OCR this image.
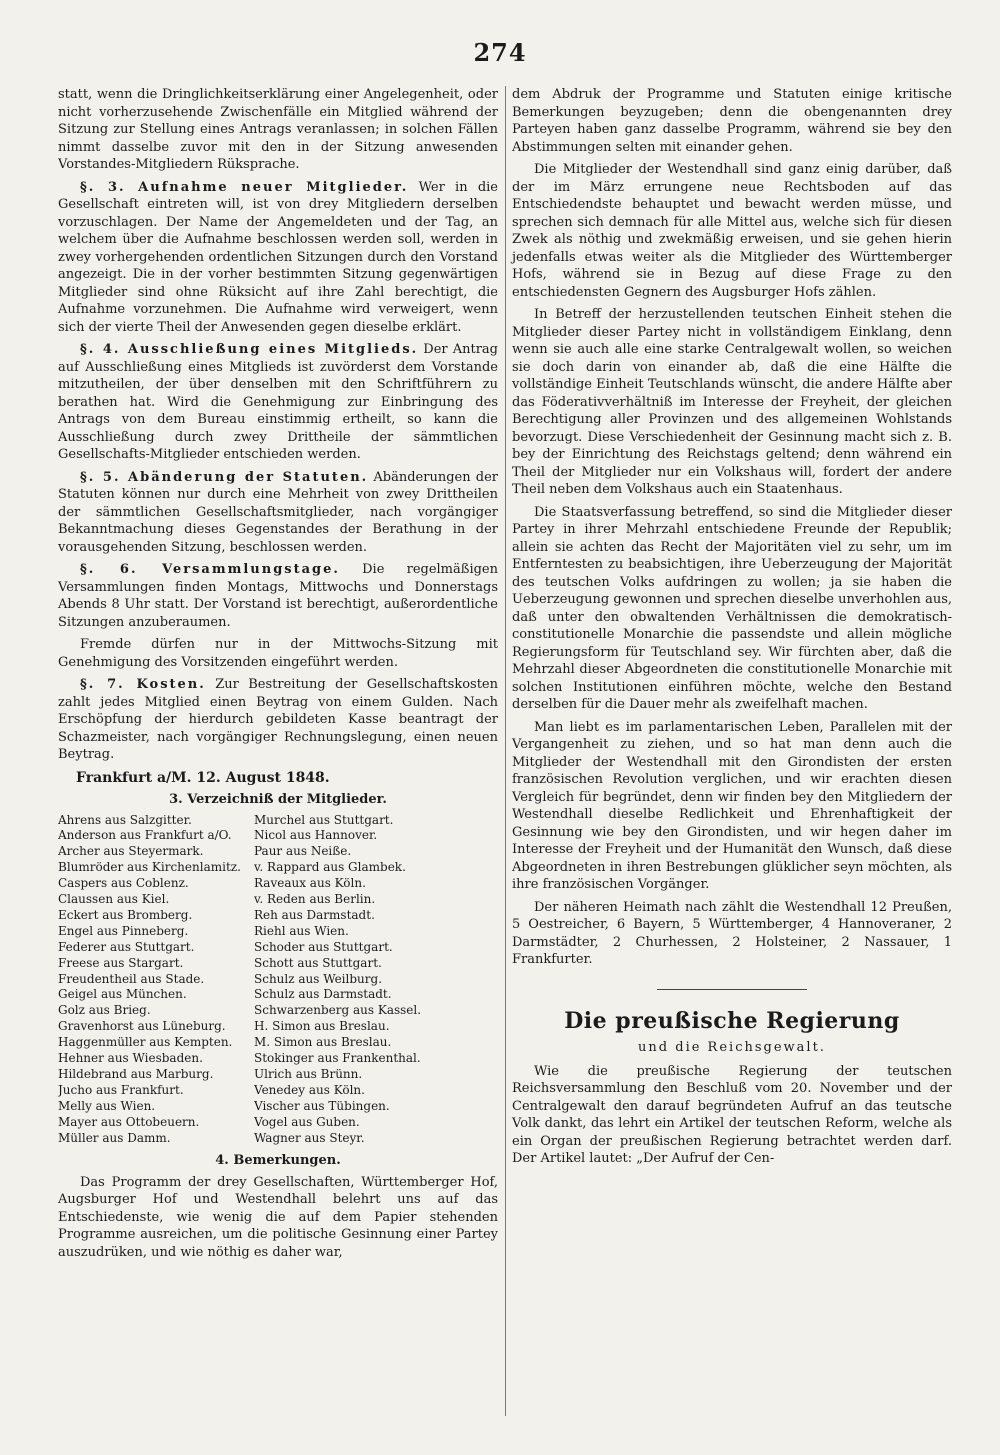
274

statt, wenn die Dringlichkeitserklärung einer Angelegenheit, oder nicht vorherzusehende Zwischenfälle ein Mitglied während der Sitzung zur Stellung eines Antrags veranlassen; in solchen Fällen nimmt dasselbe zuvor mit den in der Sitzung anwesenden Vorstandes-Mitgliedern Rüksprache.

§. 3. Aufnahme neuer Mitglieder. Wer in die Gesellschaft eintreten will, ist von drey Mitgliedern derselben vorzuschlagen. Der Name der Angemeldeten und der Tag, an welchem über die Aufnahme beschlossen werden soll, werden in zwey vorhergehenden ordentlichen Sitzungen durch den Vorstand angezeigt. Die in der vorher bestimmten Sitzung gegenwärtigen Mitglieder sind ohne Rüksicht auf ihre Zahl berechtigt, die Aufnahme vorzunehmen. Die Aufnahme wird verweigert, wenn sich der vierte Theil der Anwesenden gegen dieselbe erklärt.

§. 4. Ausschließung eines Mitglieds. Der Antrag auf Ausschließung eines Mitglieds ist zuvörderst dem Vorstande mitzutheilen, der über denselben mit den Schriftführern zu berathen hat. Wird die Genehmigung zur Einbringung des Antrags von dem Bureau einstimmig ertheilt, so kann die Ausschließung durch zwey Drittheile der sämmtlichen Gesellschafts-Mitglieder entschieden werden.

§. 5. Abänderung der Statuten. Abänderungen der Statuten können nur durch eine Mehrheit von zwey Drittheilen der sämmtlichen Gesellschaftsmitglieder, nach vorgängiger Bekanntmachung dieses Gegenstandes der Berathung in der vorausgehenden Sitzung, beschlossen werden.

§. 6. Versammlungstage. Die regelmäßigen Versammlungen finden Montags, Mittwochs und Donnerstags Abends 8 Uhr statt. Der Vorstand ist berechtigt, außerordentliche Sitzungen anzuberaumen.

Fremde dürfen nur in der Mittwochs-Sitzung mit Genehmigung des Vorsitzenden eingeführt werden.

§. 7. Kosten. Zur Bestreitung der Gesellschaftskosten zahlt jedes Mitglied einen Beytrag von einem Gulden. Nach Erschöpfung der hierdurch gebildeten Kasse beantragt der Schazmeister, nach vorgängiger Rechnungslegung, einen neuen Beytrag.

Frankfurt a/M. 12. August 1848.
3. Verzeichniß der Mitglieder.
Ahrens aus Salzgitter.	Murchel aus Stuttgart.
Anderson aus Frankfurt a/O.	Nicol aus Hannover.
Archer aus Steyermark.	Paur aus Neiße.
Blumröder aus Kirchenlamitz.	v. Rappard aus Glambek.
Caspers aus Coblenz.	Raveaux aus Köln.
Claussen aus Kiel.	v. Reden aus Berlin.
Eckert aus Bromberg.	Reh aus Darmstadt.
Engel aus Pinneberg.	Riehl aus Wien.
Federer aus Stuttgart.	Schoder aus Stuttgart.
Freese aus Stargart.	Schott aus Stuttgart.
Freudentheil aus Stade.	Schulz aus Weilburg.
Geigel aus München.	Schulz aus Darmstadt.
Golz aus Brieg.	Schwarzenberg aus Kassel.
Gravenhorst aus Lüneburg.	H. Simon aus Breslau.
Haggenmüller aus Kempten.	M. Simon aus Breslau.
Hehner aus Wiesbaden.	Stokinger aus Frankenthal.
Hildebrand aus Marburg.	Ulrich aus Brünn.
Jucho aus Frankfurt.	Venedey aus Köln.
Melly aus Wien.	Vischer aus Tübingen.
Mayer aus Ottobeuern.	Vogel aus Guben.
Müller aus Damm.	Wagner aus Steyr.
4. Bemerkungen.

Das Programm der drey Gesellschaften, Württemberger Hof, Augsburger Hof und Westendhall belehrt uns auf das Entschiedenste, wie wenig die auf dem Papier stehenden Programme ausreichen, um die politische Gesinnung einer Partey auszudrüken, und wie nöthig es daher war,

dem Abdruk der Programme und Statuten einige kritische Bemerkungen beyzugeben; denn die obengenannten drey Parteyen haben ganz dasselbe Programm, während sie bey den Abstimmungen selten mit einander gehen.

Die Mitglieder der Westendhall sind ganz einig darüber, daß der im März errungene neue Rechtsboden auf das Entschiedendste behauptet und bewacht werden müsse, und sprechen sich demnach für alle Mittel aus, welche sich für diesen Zwek als nöthig und zwekmäßig erweisen, und sie gehen hierin jedenfalls etwas weiter als die Mitglieder des Württemberger Hofs, während sie in Bezug auf diese Frage zu den entschiedensten Gegnern des Augsburger Hofs zählen.

In Betreff der herzustellenden teutschen Einheit stehen die Mitglieder dieser Partey nicht in vollständigem Einklang, denn wenn sie auch alle eine starke Centralgewalt wollen, so weichen sie doch darin von einander ab, daß die eine Hälfte die vollständige Einheit Teutschlands wünscht, die andere Hälfte aber das Föderativverhältniß im Interesse der Freyheit, der gleichen Berechtigung aller Provinzen und des allgemeinen Wohlstands bevorzugt. Diese Verschiedenheit der Gesinnung macht sich z. B. bey der Einrichtung des Reichstags geltend; denn während ein Theil der Mitglieder nur ein Volkshaus will, fordert der andere Theil neben dem Volkshaus auch ein Staatenhaus.

Die Staatsverfassung betreffend, so sind die Mitglieder dieser Partey in ihrer Mehrzahl entschiedene Freunde der Republik; allein sie achten das Recht der Majoritäten viel zu sehr, um im Entferntesten zu beabsichtigen, ihre Ueberzeugung der Majorität des teutschen Volks aufdringen zu wollen; ja sie haben die Ueberzeugung gewonnen und sprechen dieselbe unverhohlen aus, daß unter den obwaltenden Verhältnissen die demokratisch-constitutionelle Monarchie die passendste und allein mögliche Regierungsform für Teutschland sey. Wir fürchten aber, daß die Mehrzahl dieser Abgeordneten die constitutionelle Monarchie mit solchen Institutionen einführen möchte, welche den Bestand derselben für die Dauer mehr als zweifelhaft machen.

Man liebt es im parlamentarischen Leben, Parallelen mit der Vergangenheit zu ziehen, und so hat man denn auch die Mitglieder der Westendhall mit den Girondisten der ersten französischen Revolution verglichen, und wir erachten diesen Vergleich für begründet, denn wir finden bey den Mitgliedern der Westendhall dieselbe Redlichkeit und Ehrenhaftigkeit der Gesinnung wie bey den Girondisten, und wir hegen daher im Interesse der Freyheit und der Humanität den Wunsch, daß diese Abgeordneten in ihren Bestrebungen glüklicher seyn möchten, als ihre französischen Vorgänger.

Der näheren Heimath nach zählt die Westendhall 12 Preußen, 5 Oestreicher, 6 Bayern, 5 Württemberger, 4 Hannoveraner, 2 Darmstädter, 2 Churhessen, 2 Holsteiner, 2 Nassauer, 1 Frankfurter.

Die preußische Regierung
und die Reichsgewalt.

Wie die preußische Regierung der teutschen Reichsversammlung den Beschluß vom 20. November und der Centralgewalt den darauf begründeten Aufruf an das teutsche Volk dankt, das lehrt ein Artikel der teutschen Reform, welche als ein Organ der preußischen Regierung betrachtet werden darf. Der Artikel lautet: „Der Aufruf der Cen-
